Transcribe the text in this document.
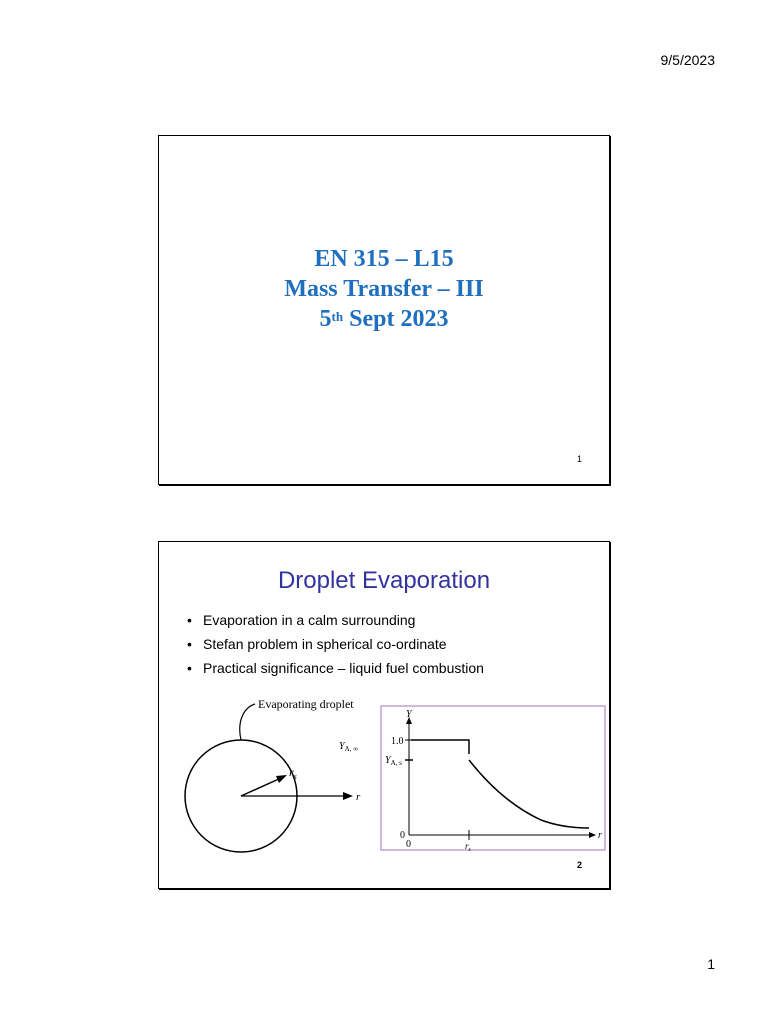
9/5/2023
EN 315 – L15
Mass Transfer – III
5th Sept 2023
1
Droplet Evaporation
• Evaporation in a calm surrounding
• Stefan problem in spherical co-ordinate
• Practical significance – liquid fuel combustion
Evaporating droplet
r
$r_s$
Y
r
1.0
$Y_{A, s}$
$Y_{A, \infty}$
0
0	$r_s$
2
1
